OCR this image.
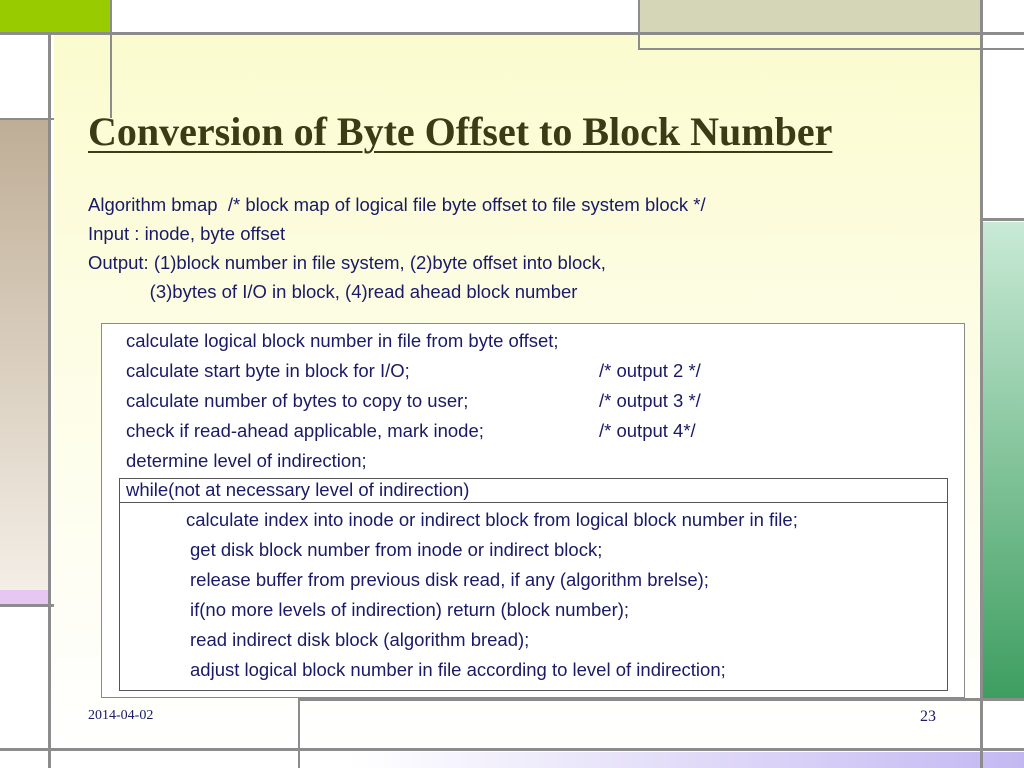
Conversion of Byte Offset to Block Number
Algorithm bmap  /* block map of logical file byte offset to file system block */
Input : inode, byte offset
Output: (1)block number in file system, (2)byte offset into block,
(3)bytes of I/O in block, (4)read ahead block number
calculate logical block number in file from byte offset;
calculate start byte in block for I/O;	/* output 2 */
calculate number of bytes to copy to user;	/* output 3 */
check if read-ahead applicable, mark inode;	/* output 4*/
determine level of indirection;
while(not at necessary level of indirection)
calculate index into inode or indirect block from logical block number in file;
get disk block number from inode or indirect block;
release buffer from previous disk read, if any (algorithm brelse);
if(no more levels of indirection) return (block number);
read indirect disk block (algorithm bread);
adjust logical block number in file according to level of indirection;
2014-04-02	23
